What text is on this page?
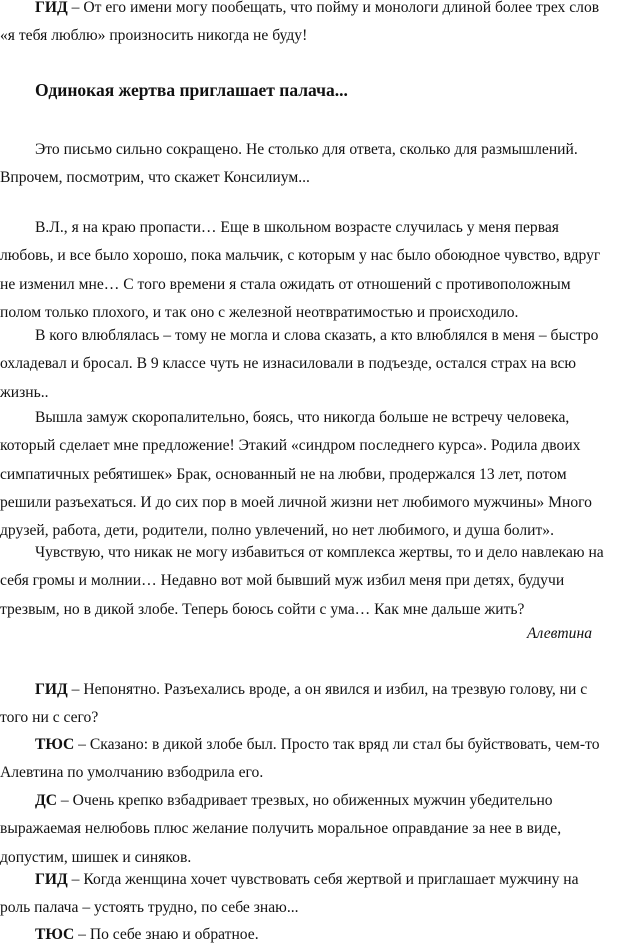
ГИД – От его имени могу пообещать, что пойму и монологи длиной более трех слов
«я тебя люблю» произносить никогда не буду!

Одинокая жертва приглашает палача...

Это письмо сильно сокращено. Не столько для ответа, сколько для размышлений.
Впрочем, посмотрим, что скажет Консилиум...

В.Л., я на краю пропасти… Еще в школьном возрасте случилась у меня первая
любовь, и все было хорошо, пока мальчик, с которым у нас было обоюдное чувство, вдруг
не изменил мне… С того времени я стала ожидать от отношений с противоположным
полом только плохого, и так оно с железной неотвратимостью и происходило.

В кого влюблялась – тому не могла и слова сказать, а кто влюблялся в меня – быстро
охладевал и бросал. В 9 классе чуть не изнасиловали в подъезде, остался страх на всю
жизнь..

Вышла замуж скоропалительно, боясь, что никогда больше не встречу человека,
который сделает мне предложение! Этакий «синдром последнего курса». Родила двоих
симпатичных ребятишек» Брак, основанный не на любви, продержался 13 лет, потом
решили разъехаться. И до сих пор в моей личной жизни нет любимого мужчины» Много
друзей, работа, дети, родители, полно увлечений, но нет любимого, и душа болит».

Чувствую, что никак не могу избавиться от комплекса жертвы, то и дело навлекаю на
себя громы и молнии… Недавно вот мой бывший муж избил меня при детях, будучи
трезвым, но в дикой злобе. Теперь боюсь сойти с ума… Как мне дальше жить?

Алевтина

ГИД – Непонятно. Разъехались вроде, а он явился и избил, на трезвую голову, ни с
того ни с сего?

ТЮС – Сказано: в дикой злобе был. Просто так вряд ли стал бы буйствовать, чем-то
Алевтина по умолчанию взбодрила его.

ДС – Очень крепко взбадривает трезвых, но обиженных мужчин убедительно
выражаемая нелюбовь плюс желание получить моральное оправдание за нее в виде,
допустим, шишек и синяков.

ГИД – Когда женщина хочет чувствовать себя жертвой и приглашает мужчину на
роль палача – устоять трудно, по себе знаю...

ТЮС – По себе знаю и обратное.
